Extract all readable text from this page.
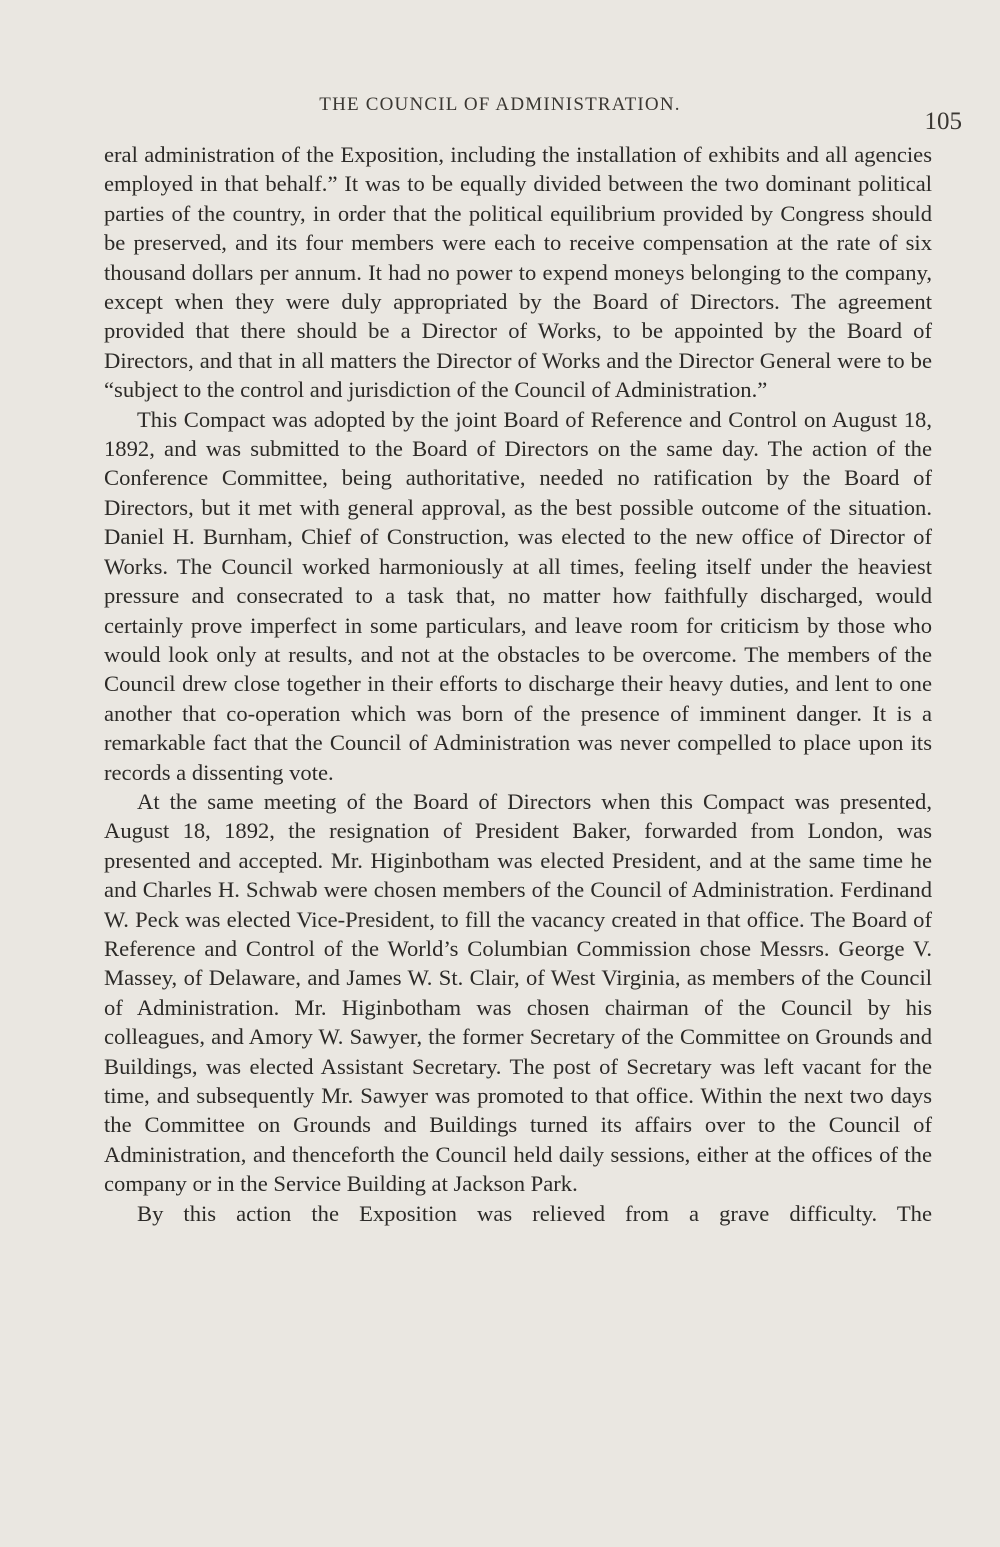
THE COUNCIL OF ADMINISTRATION.
105

eral administration of the Exposition, including the installation of exhibits and all agencies employed in that behalf.” It was to be equally divided between the two dominant political parties of the country, in order that the political equilibrium provided by Congress should be preserved, and its four members were each to receive compensation at the rate of six thousand dollars per annum. It had no power to expend moneys belonging to the company, except when they were duly appropriated by the Board of Directors. The agreement provided that there should be a Director of Works, to be appointed by the Board of Directors, and that in all matters the Director of Works and the Director General were to be “subject to the control and jurisdiction of the Council of Administration.”

This Compact was adopted by the joint Board of Reference and Control on August 18, 1892, and was submitted to the Board of Directors on the same day. The action of the Conference Committee, being authoritative, needed no ratification by the Board of Directors, but it met with general approval, as the best possible outcome of the situation. Daniel H. Burnham, Chief of Construction, was elected to the new office of Director of Works. The Council worked harmoniously at all times, feeling itself under the heaviest pressure and consecrated to a task that, no matter how faithfully discharged, would certainly prove imperfect in some particulars, and leave room for criticism by those who would look only at results, and not at the obstacles to be overcome. The members of the Council drew close together in their efforts to discharge their heavy duties, and lent to one another that co-operation which was born of the presence of imminent danger. It is a remarkable fact that the Council of Administration was never compelled to place upon its records a dissenting vote.

At the same meeting of the Board of Directors when this Compact was presented, August 18, 1892, the resignation of President Baker, forwarded from London, was presented and accepted. Mr. Higinbotham was elected President, and at the same time he and Charles H. Schwab were chosen members of the Council of Administration. Ferdinand W. Peck was elected Vice-President, to fill the vacancy created in that office. The Board of Reference and Control of the World’s Columbian Commission chose Messrs. George V. Massey, of Delaware, and James W. St. Clair, of West Virginia, as members of the Council of Administration. Mr. Higinbotham was chosen chairman of the Council by his colleagues, and Amory W. Sawyer, the former Secretary of the Committee on Grounds and Buildings, was elected Assistant Secretary. The post of Secretary was left vacant for the time, and subsequently Mr. Sawyer was promoted to that office. Within the next two days the Committee on Grounds and Buildings turned its affairs over to the Council of Administration, and thenceforth the Council held daily sessions, either at the offices of the company or in the Service Building at Jackson Park.

By this action the Exposition was relieved from a grave difficulty. The
